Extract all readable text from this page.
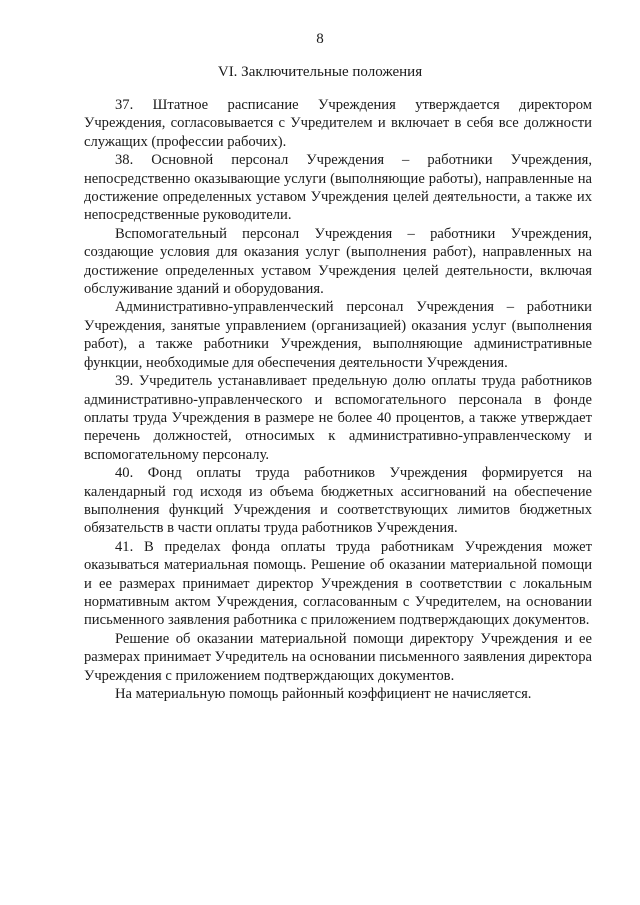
8
VI. Заключительные положения

37. Штатное расписание Учреждения утверждается директором Учреждения, согласовывается с Учредителем и включает в себя все должности служащих (профессии рабочих).

38. Основной персонал Учреждения – работники Учреждения, непосредственно оказывающие услуги (выполняющие работы), направленные на достижение определенных уставом Учреждения целей деятельности, а также их непосредственные руководители.

Вспомогательный персонал Учреждения – работники Учреждения, создающие условия для оказания услуг (выполнения работ), направленных на достижение определенных уставом Учреждения целей деятельности, включая обслуживание зданий и оборудования.

Административно-управленческий персонал Учреждения – работники Учреждения, занятые управлением (организацией) оказания услуг (выполнения работ), а также работники Учреждения, выполняющие административные функции, необходимые для обеспечения деятельности Учреждения.

39. Учредитель устанавливает предельную долю оплаты труда работников административно-управленческого и вспомогательного персонала в фонде оплаты труда Учреждения в размере не более 40 процентов, а также утверждает перечень должностей, относимых к административно-управленческому и вспомогательному персоналу.

40. Фонд оплаты труда работников Учреждения формируется на календарный год исходя из объема бюджетных ассигнований на обеспечение выполнения функций Учреждения и соответствующих лимитов бюджетных обязательств в части оплаты труда работников Учреждения.

41. В пределах фонда оплаты труда работникам Учреждения может оказываться материальная помощь. Решение об оказании материальной помощи и ее размерах принимает директор Учреждения в соответствии с локальным нормативным актом Учреждения, согласованным с Учредителем, на основании письменного заявления работника с приложением подтверждающих документов.

Решение об оказании материальной помощи директору Учреждения и ее размерах принимает Учредитель на основании письменного заявления директора Учреждения с приложением подтверждающих документов.

На материальную помощь районный коэффициент не начисляется.
